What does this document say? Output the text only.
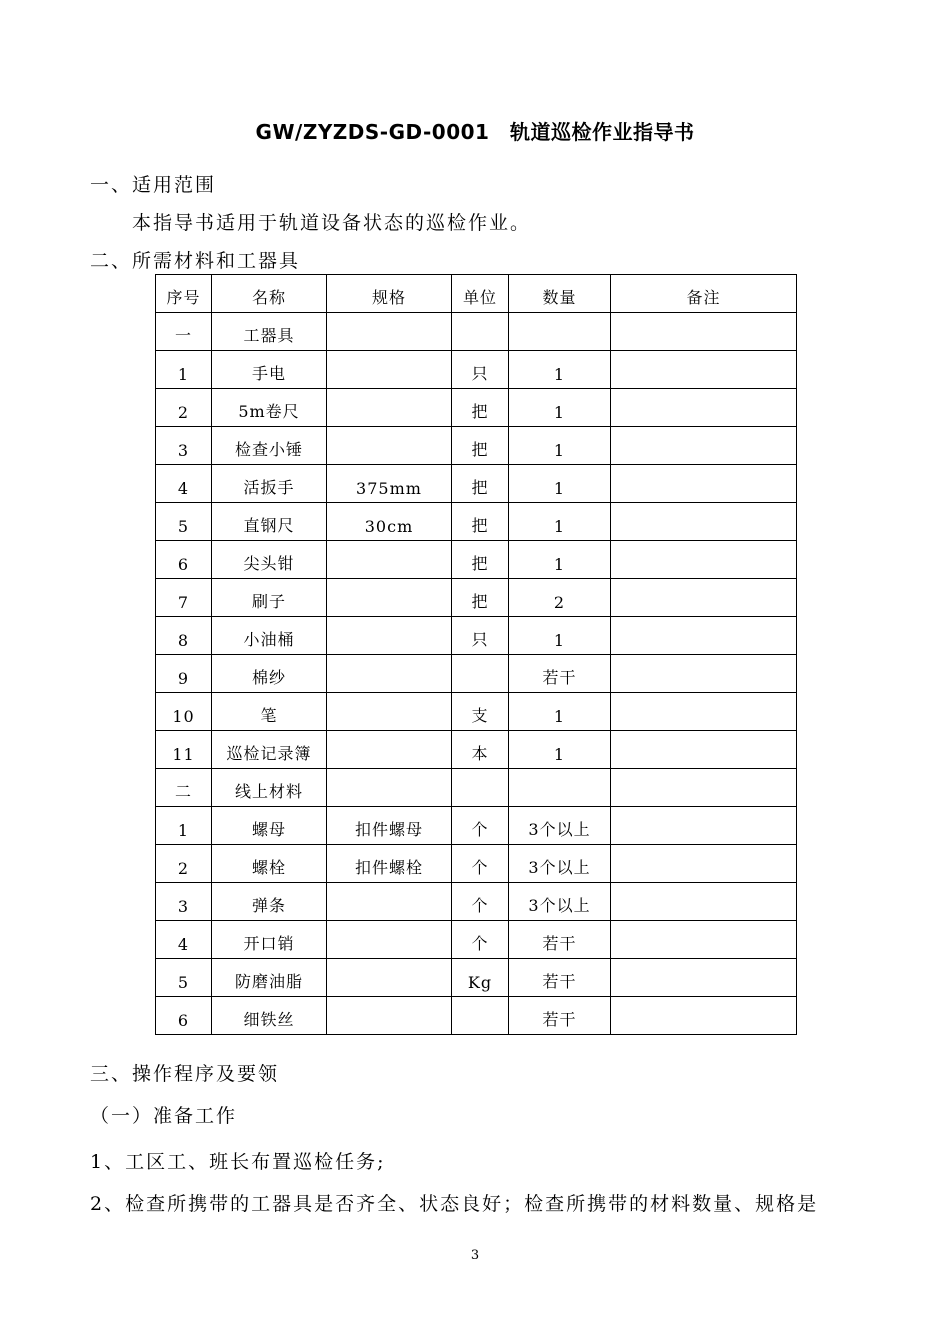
GW/ZYZDS-GD-0001　轨道巡检作业指导书
一、适用范围
本指导书适用于轨道设备状态的巡检作业。
二、所需材料和工器具
序号	名称	规格	单位	数量	备注
一	工器具				
1	手电		只	1	
2	5m卷尺		把	1	
3	检查小锤		把	1	
4	活扳手	375mm	把	1	
5	直钢尺	30cm	把	1	
6	尖头钳		把	1	
7	刷子		把	2	
8	小油桶		只	1	
9	棉纱			若干	
10	笔		支	1	
11	巡检记录簿		本	1	
二	线上材料				
1	螺母	扣件螺母	个	3个以上	
2	螺栓	扣件螺栓	个	3个以上	
3	弹条		个	3个以上	
4	开口销		个	若干	
5	防磨油脂		Kg	若干	
6	细铁丝			若干	
三、操作程序及要领
（一）准备工作
1、工区工、班长布置巡检任务;
2、检查所携带的工器具是否齐全、状态良好；检查所携带的材料数量、规格是
3
